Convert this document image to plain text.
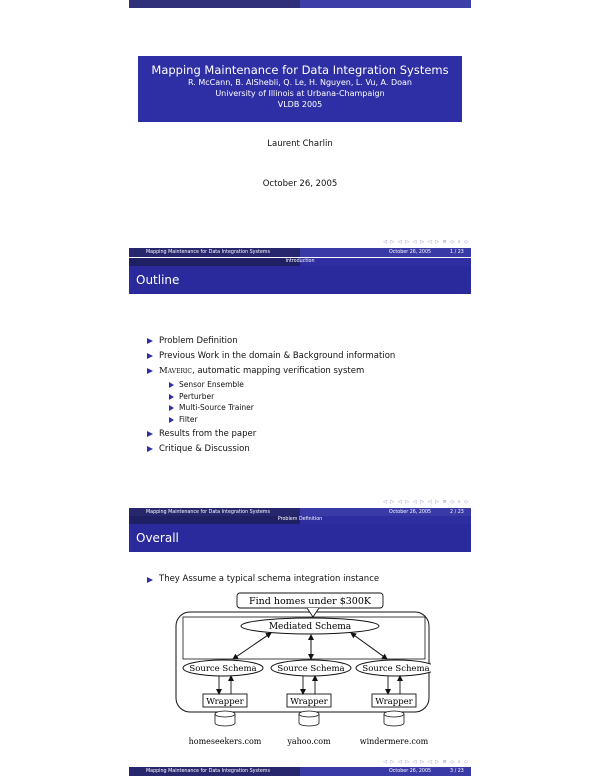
Mapping Maintenance for Data Integration Systems
R. McCann, B. AlShebli, Q. Le, H. Nguyen, L. Vu, A. Doan
University of Illinois at Urbana-Champaign
VLDB 2005
Laurent Charlin
October 26, 2005
◁ ▷ ◁ ▷ ◁ ▷ ◁ ▷ ≡ ◇ ⌕ ◇
Mapping Maintenance for Data Integration Systems	October 26, 2005	1 / 23
Introduction
Outline
Problem Definition
Previous Work in the domain & Background information
Maveric, automatic mapping verification system
Sensor Ensemble
Perturber
Multi-Source Trainer
Filter
Results from the paper
Critique & Discussion
◁ ▷ ◁ ▷ ◁ ▷ ◁ ▷ ≡ ◇ ⌕ ◇
Mapping Maintenance for Data Integration Systems	October 26, 2005	2 / 23
Problem Definition
Overall
They Assume a typical schema integration instance
Find homes under $300K
Mediated Schema
Source Schema Source Schema Source Schema
Wrapper	Wrapper	Wrapper
homeseekers.com	yahoo.com	windermere.com
◁ ▷ ◁ ▷ ◁ ▷ ◁ ▷ ≡ ◇ ⌕ ◇
Mapping Maintenance for Data Integration Systems	October 26, 2005	3 / 23
